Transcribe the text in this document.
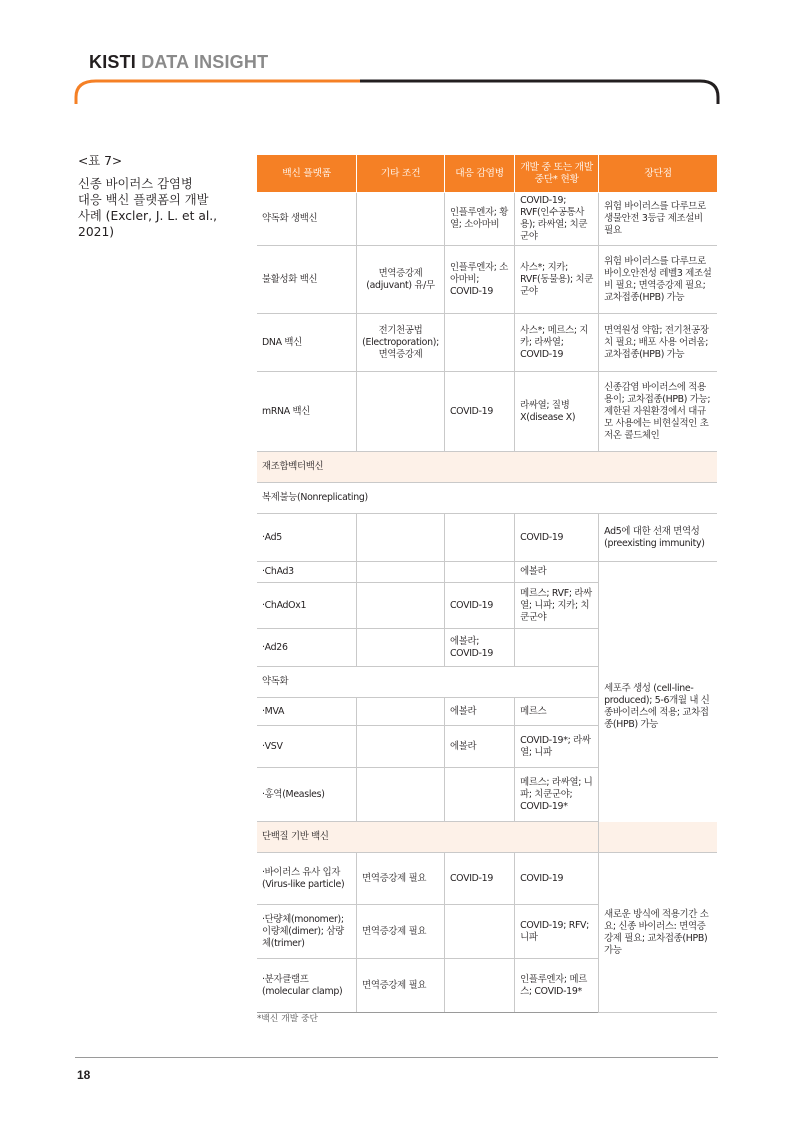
KISTI DATA INSIGHT
<표 7>
신종 바이러스 감염병
대응 백신 플랫폼의 개발
사례 (Excler, J. L. et al.,
2021)
백신 플랫폼	기타 조건	대응 감염병	개발 중 또는 개발중단* 현황	장단점
약독화 생백신		인플루엔자; 황열; 소아마비	COVID-19; RVF(인수공통사용); 라싸열; 치쿤군야	위험 바이러스를 다루므로 생물안전 3등급 제조설비 필요
불활성화 백신	면역증강제 (adjuvant) 유/무	인플루엔자; 소아마비; COVID-19	사스*; 지카; RVF(동물용); 치쿤군야	위험 바이러스를 다루므로 바이오안전성 레벨3 제조설비 필요; 면역증강제 필요; 교차접종(HPB) 가능
DNA 백신	전기천공법 (Electroporation); 면역증강제		사스*; 메르스; 지카; 라싸열; COVID-19	면역원성 약함; 전기천공장치 필요; 배포 사용 어려움; 교차접종(HPB) 가능
mRNA 백신		COVID-19	라싸열; 질병 X(disease X)	신종감염 바이러스에 적용 용이; 교차접종(HPB) 가능; 제한된 자원환경에서 대규모 사용에는 비현실적인 초저온 콜드체인
재조합벡터백신				
복제불능(Nonreplicating)				
·Ad5			COVID-19	Ad5에 대한 선재 면역성(preexisting immunity)
·ChAd3			에볼라	세포주 생성 (cell-line-produced); 5-6개월 내 신종바이러스에 적용; 교차접종(HPB) 가능
·ChAdOx1		COVID-19	메르스; RVF; 라싸열; 니파; 지카; 치쿤군야	
·Ad26		에볼라; COVID-19		
약독화				
·MVA		에볼라	메르스	
·VSV		에볼라	COVID-19*; 라싸열; 니파	
·홍역(Measles)			메르스; 라싸열; 니파; 치쿤군야; COVID-19*	
단백질 기반 백신				
·바이러스 유사 입자(Virus-like particle)	면역증강제 필요	COVID-19	COVID-19	새로운 방식에 적용기간 소요; 신종 바이러스: 면역증강제 필요; 교차접종(HPB) 가능
·단량체(monomer); 이량체(dimer); 삼량체(trimer)	면역증강제 필요		COVID-19; RFV; 니파	
·분자클램프 (molecular clamp)	면역증강제 필요		인플루엔자; 메르스; COVID-19*	
*백신 개발 중단
18
